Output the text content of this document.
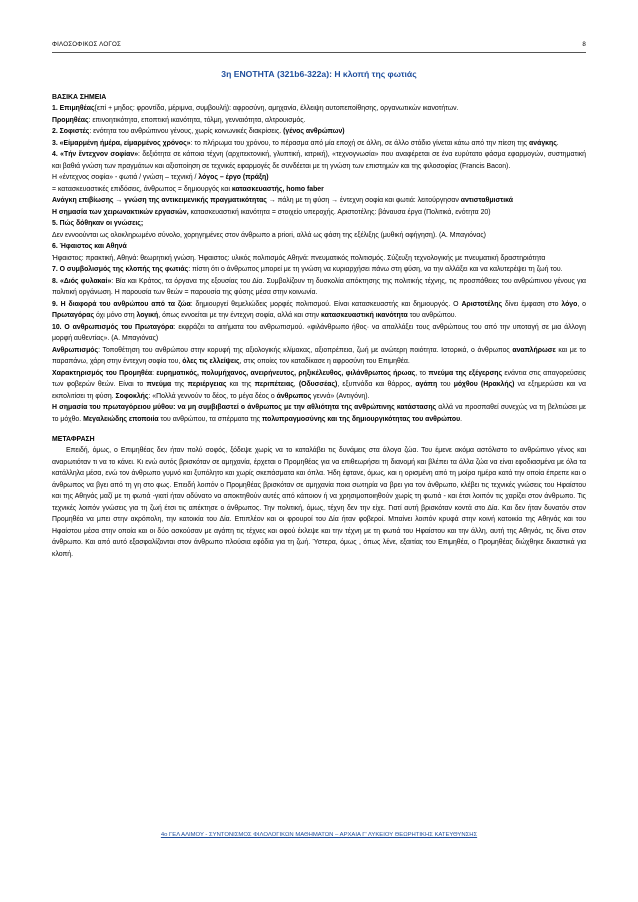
ΦΙΛΟΣΟΦΙΚΟΣ ΛΟΓΟΣ	8
3η ΕΝΟΤΗΤΑ (321b6-322a): Η κλοπή της φωτιάς

ΒΑΣΙΚΑ ΣΗΜΕΙΑ

1. Επιμηθέας{επί + μηδος: φροντίδα, μέριμνα, συμβουλή): αφροσύνη, αμηχανία, έλλειψη αυτοπεποίθησης, οργανωτικών ικανοτήτων.

Προμηθέας: επινοητικότητα, εποπτική ικανότητα, τόλμη, γενναιότητα, αλτρουισμός.

2. Σοφιστές: ενότητα του ανθρώπινου γένους, χωρίς κοινωνικές διακρίσεις. (γένος ανθρώπων)

3. «Είμαρμένη ήμέρα, είμαρμένος χρόνος»: το πλήρωμα του χρόνου, το πέρασμα από μία εποχή σε άλλη, σε άλλο στάδιο γίνεται κάτω από την πίεση της ανάγκης.

4. «Tήν ἔντεχνον σοφίαν»: δεξιότητα σε κάποια τέχνη (αρχιτεκτονική, γλυπτική, ιατρική), «τεχνογνωσία» που αναφέρεται σε ένα ευρύτατο φάσμα εφαρμογών, συστηματική και βαθιά γνώση των πραγμάτων και αξιοποίηση σε τεχνικές εφαρμογές δε συνδέεται με τη γνώση των επιστημών και της φιλοσοφίας (Francis Bacon).

Η «έντεχνος σοφία» - φωτιά / γνώση – τεχνική / λόγος – έργο (πράξη)

= κατασκευαστικές επιδόσεις, άνθρωπος = δημιουργός και κατασκευαστής, homo faber

Ανάγκη επιβίωσης → γνώση της αντικειμενικής πραγματικότητας → πάλη με τη φύση → έντεχνη σοφία και φωτιά: λειτούργησαν αντισταθμιστικά

Η σημασία των χειρωνακτικών εργασιών, κατασκευαστική ικανότητα = στοιχείο υπεροχής. Αριστοτέλης: βάναυσα έργα (Πολιτικά, ενότητα 20)

5. Πώς δόθηκαν οι γνώσεις;

Δεν εννοούνται ως ολοκληρωμένο σύνολο, χορηγημένες στον άνθρωπο a priori, αλλά ως φάση της εξέλιξης (μυθική αφήγηση). (Α. Μπαγιόνας)

6. Ήφαιστος και Αθηνά

Ήφαιστος: πρακτική, Αθηνά: θεωρητική γνώση. Ήφαιστος: υλικός πολιτισμός Αθηνά: πνευματικός πολιτισμός. Σύζευξη τεχνολογικής με πνευματική δραστηριότητα

7. Ο συμβολισμός της κλοπής της φωτιάς: πίστη ότι ο άνθρωπος μπορεί με τη γνώση να κυριαρχήσει πάνω στη φύση, να την αλλάξει και να καλυτερέψει τη ζωή του.

8. «Διός φυλακαί»: Βία και Κράτος, τα όργανα της εξουσίας του Δία. Συμβολίζουν τη δυσκολία απόκτησης της πολιτικής τέχνης, τις προσπάθειες του ανθρώπινου γένους για πολιτική οργάνωση. Η παρουσία των θεών = παρουσία της φύσης μέσα στην κοινωνία.

9. Η διαφορά του ανθρώπου από τα ζώα: δημιουργεί θεμελιώδεις μορφές πολιτισμού. Είναι κατασκευαστής και δημιουργός. Ο Αριστοτέλης δίνει έμφαση στο λόγο, ο Πρωταγόρας όχι μόνο στη λογική, όπως εννοείται με την έντεχνη σοφία, αλλά και στην κατασκευαστική ικανότητα του ανθρώπου.

10. Ο ανθρωπισμός του Πρωταγόρα: εκφράζει τα αιτήματα του ανθρωπισμού. «φιλάνθρωπο ήθος· να απαλλάξει τους ανθρώπους του από την υποταγή σε μια άλλογη μορφή αυθεντίας». (Α. Μπαγιόνας)

Ανθρωπισμός: Τοποθέτηση του ανθρώπου στην κορυφή της αξιολογικής κλίμακας, αξιοπρέπεια, ζωή με ανώτερη ποιότητα. Ιστορικά, ο άνθρωπος αναπλήρωσε και με το παραπάνω, χάρη στην έντεχνη σοφία του, όλες τις ελλείψεις, στις οποίες τον καταδίκασε η αφροσύνη του Επιμηθέα.

Χαρακτηρισμός του Προμηθέα: ευρηματικός, πολυμήχανος, ανειρήνευτος, ρηξικέλευθος, φιλάνθρωπος ήρωας, το πνεύμα της εξέγερσης ενάντια στις απαγορεύσεις των φοβερών θεών. Είναι το πνεύμα της περιέργειας και της περιπέτειας, (Οδυσσέας), εξυπνάδα και θάρρος, αγάπη του μόχθου (Ηρακλής) να εξημερώσει και να εκπολιτίσει τη φύση. Σοφοκλής: «Πολλά γεννούν το δέος, το μέγα δέος ο άνθρωπος γεννά» (Αντιγόνη).

Η σημασία του πρωταγόρειου μύθου: να μη συμβιβαστεί ο άνθρωπος με την αθλιότητα της ανθρώπινης κατάστασης αλλά να προσπαθεί συνεχώς να τη βελτιώσει με το μόχθο. Μεγαλειώδης εποποιία του ανθρώπου, τα σπέρματα της πολυπραγμοσύνης και της δημιουργικότητας του ανθρώπου.

ΜΕΤΑΦΡΑΣΗ

Επειδή, όμως, ο Επιμηθέας δεν ήταν πολύ σοφός, ξόδεψε χωρίς να το καταλάβει τις δυνάμεις στα άλογα ζώα. Του έμενε ακόμα αστόλιστο το ανθρώπινο γένος και αναρωτιόταν τι να το κάνει. Κι ενώ αυτός βρισκόταν σε αμηχανία, έρχεται ο Προμηθέας για να επιθεωρήσει τη διανομή και βλέπει τα άλλα ζώα να είναι εφοδιασμένα με όλα τα κατάλληλα μέσα, ενώ τον άνθρωπο γυμνό και ξυπόλητο και χωρίς σκεπάσματα και όπλα. Ήδη έφτανε, όμως, και η ορισμένη από τη μοίρα ημέρα κατά την οποία έπρεπε και ο άνθρωπος να βγει από τη γη στο φως. Επειδή λοιπόν ο Προμηθέας βρισκόταν σε αμηχανία ποια σωτηρία να βρει για τον άνθρωπο, κλέβει τις τεχνικές γνώσεις του Ηφαίστου και της Αθηνάς μαζί με τη φωτιά -γιατί ήταν αδύνατο να αποκτηθούν αυτές από κάποιον ή να χρησιμοποιηθούν χωρίς τη φωτιά - και έτσι λοιπόν τις χαρίζει στον άνθρωπο. Τις τεχνικές λοιπόν γνώσεις για τη ζωή έτσι τις απέκτησε ο άνθρωπος. Την πολιτική, όμως, τέχνη δεν την είχε. Γιατί αυτή βρισκόταν κοντά στο Δία. Και δεν ήταν δυνατόν στον Προμηθέα να μπει στην ακρόπολη, την κατοικία του Δία. Επιπλέον και οι φρουροί του Δία ήταν φοβεροί. Μπαίνει λοιπόν κρυφά στην κοινή κατοικία της Αθηνάς και του Ηφαίστου μέσα στην οποία και οι δύο ασκούσαν με αγάπη τις τέχνες και αφού έκλεψε και την τέχνη με τη φωτιά του Ηφαίστου και την άλλη, αυτή της Αθηνάς, τις δίνει στον άνθρωπο. Και από αυτό εξασφαλίζονται στον άνθρωπο πλούσια εφόδια για τη ζωή. Ύστερα, όμως , όπως λένε, εξαιτίας του Επιμηθέα, ο Προμηθέας διώχθηκε δικαστικά για κλοπή.

4ο ΓΕΛ ΑΛΙΜΟΥ - ΣΥΝΤΟΝΙΣΜΟΣ ΦΙΛΟΛΟΓΙΚΩΝ ΜΑΘΗΜΑΤΩΝ – ΑΡΧΑΙΑ Γ' ΛΥΚΕΙΟΥ ΘΕΩΡΗΤΙΚΗΣ ΚΑΤΕΥΘΥΝΣΗΣ
